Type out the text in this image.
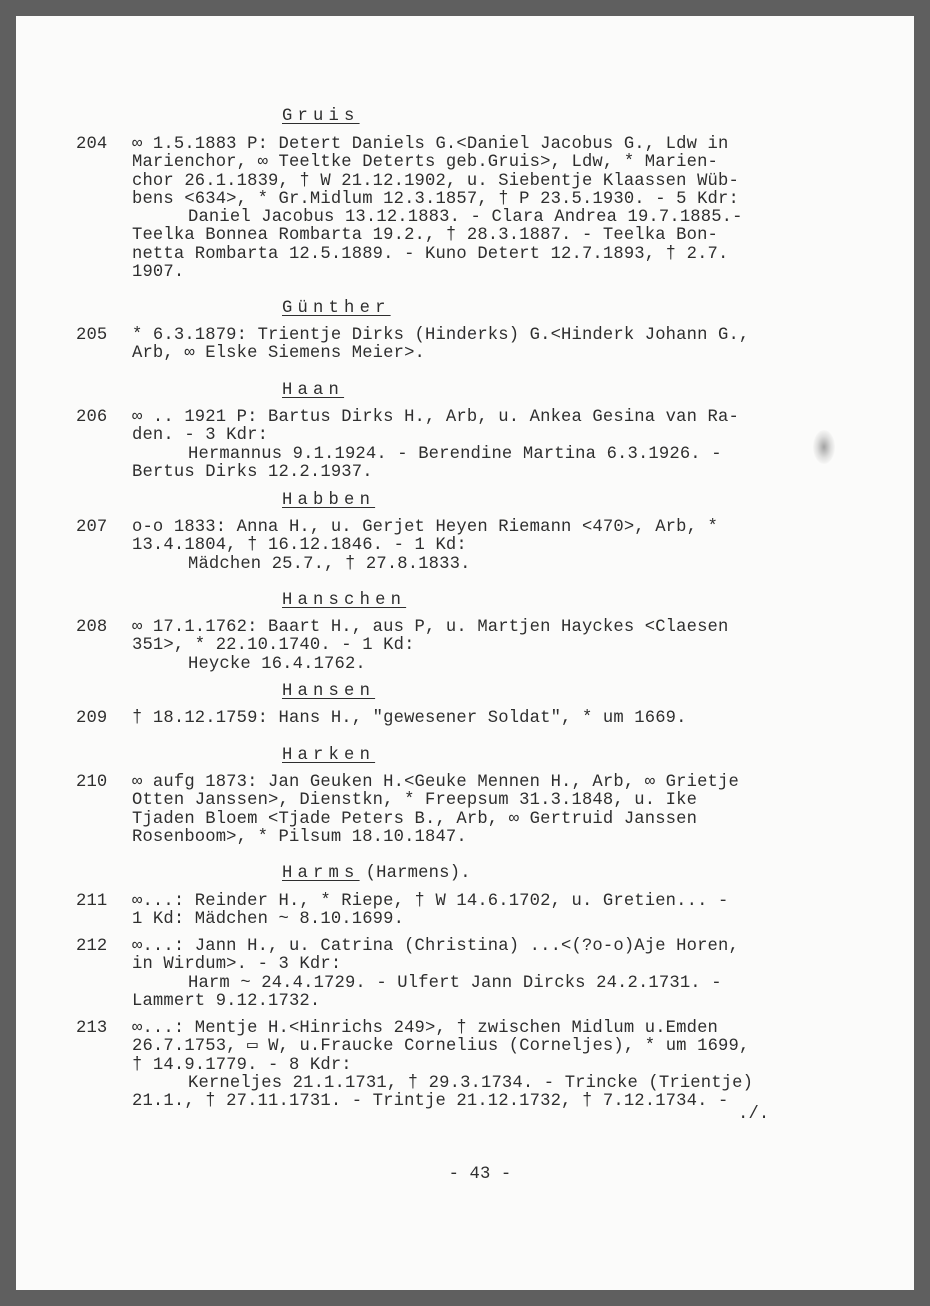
Gruis
204 ∞ 1.5.1883 P: Detert Daniels G.<Daniel Jacobus G., Ldw in
Marienchor, ∞ Teeltke Deterts geb.Gruis>, Ldw, * Marien-
chor 26.1.1839, † W 21.12.1902, u. Siebentje Klaassen Wüb-
bens <634>, * Gr.Midlum 12.3.1857, † P 23.5.1930. - 5 Kdr:
Daniel Jacobus 13.12.1883. - Clara Andrea 19.7.1885.-
Teelka Bonnea Rombarta 19.2., † 28.3.1887. - Teelka Bon-
netta Rombarta 12.5.1889. - Kuno Detert 12.7.1893, † 2.7.
1907.
Günther
205 * 6.3.1879: Trientje Dirks (Hinderks) G.<Hinderk Johann G.,
Arb, ∞ Elske Siemens Meier>.
Haan
206 ∞ .. 1921 P: Bartus Dirks H., Arb, u. Ankea Gesina van Ra-
den. - 3 Kdr:
Hermannus 9.1.1924. - Berendine Martina 6.3.1926. -
Bertus Dirks 12.2.1937.
Habben
207 o-o 1833: Anna H., u. Gerjet Heyen Riemann <470>, Arb, *
13.4.1804, † 16.12.1846. - 1 Kd:
Mädchen 25.7., † 27.8.1833.
Hanschen
208 ∞ 17.1.1762: Baart H., aus P, u. Martjen Hayckes <Claesen
351>, * 22.10.1740. - 1 Kd:
Heycke 16.4.1762.
Hansen
209 † 18.12.1759: Hans H., "gewesener Soldat", * um 1669.
Harken
210 ∞ aufg 1873: Jan Geuken H.<Geuke Mennen H., Arb, ∞ Grietje
Otten Janssen>, Dienstkn, * Freepsum 31.3.1848, u. Ike
Tjaden Bloem <Tjade Peters B., Arb, ∞ Gertruid Janssen
Rosenboom>, * Pilsum 18.10.1847.
Harms (Harmens).
211 ∞...: Reinder H., * Riepe, † W 14.6.1702, u. Gretien... -
1 Kd: Mädchen ~ 8.10.1699.
212 ∞...: Jann H., u. Catrina (Christina) ...<(?o-o)Aje Horen,
in Wirdum>. - 3 Kdr:
Harm ~ 24.4.1729. - Ulfert Jann Dircks 24.2.1731. -
Lammert 9.12.1732.
213 ∞...: Mentje H.<Hinrichs 249>, † zwischen Midlum u.Emden
26.7.1753, ▭ W, u.Fraucke Cornelius (Corneljes), * um 1699,
† 14.9.1779. - 8 Kdr:
Kerneljes 21.1.1731, † 29.3.1734. - Trincke (Trientje)
21.1., † 27.11.1731. - Trintje 21.12.1732, † 7.12.1734. -
./.
- 43 -
